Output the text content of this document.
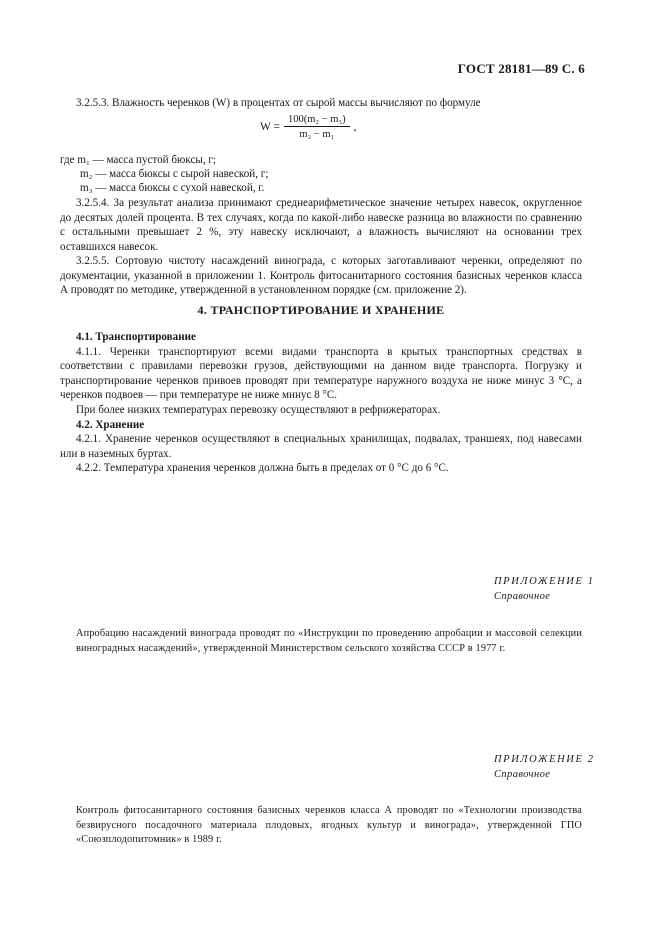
ГОСТ 28181—89 С. 6

3.2.5.3. Влажность черенков (W) в процентах от сырой массы вычисляют по формуле

$W = \frac{\text{100(m₂ − m₃)}}{\text{m₂ − m₁}}$ ,
где m₁ — масса пустой бюксы, г;
m₂ — масса бюксы с сырой навеской, г;
m₃ — масса бюксы с сухой навеской, г.

3.2.5.4. За результат анализа принимают среднеарифметическое значение четырех навесок, округленное до десятых долей процента. В тех случаях, когда по какой-либо навеске разница во влажности по сравнению с остальными превышает 2 %, эту навеску исключают, а влажность вычисляют на основании трех оставшихся навесок.

3.2.5.5. Сортовую чистоту насаждений винограда, с которых заготавливают черенки, определяют по документации, указанной в приложении 1. Контроль фитосанитарного состояния базисных черенков класса А проводят по методике, утвержденной в установленном порядке (см. приложение 2).

4. ТРАНСПОРТИРОВАНИЕ И ХРАНЕНИЕ

4.1. Транспортирование

4.1.1. Черенки транспортируют всеми видами транспорта в крытых транспортных средствах в соответствии с правилами перевозки грузов, действующими на данном виде транспорта. Погрузку и транспортирование черенков привоев проводят при температуре наружного воздуха не ниже минус 3 °С, а черенков подвоев — при температуре не ниже минус 8 °С.

При более низких температурах перевозку осуществляют в рефрижераторах.

4.2. Хранение

4.2.1. Хранение черенков осуществляют в специальных хранилищах, подвалах, траншеях, под навесами или в наземных буртах.

4.2.2. Температура хранения черенков должна быть в пределах от 0 °С до 6 °С.

ПРИЛОЖЕНИЕ 1
Справочное
Апробацию насаждений винограда проводят по «Инструкции по проведению апробации и массовой селекции виноградных насаждений», утвержденной Министерством сельского хозяйства СССР в 1977 г.
ПРИЛОЖЕНИЕ 2
Справочное
Контроль фитосанитарного состояния базисных черенков класса А проводят по «Технологии производства безвирусного посадочного материала плодовых, ягодных культур и винограда», утвержденной ГПО «Союзплодопитомник» в 1989 г.
